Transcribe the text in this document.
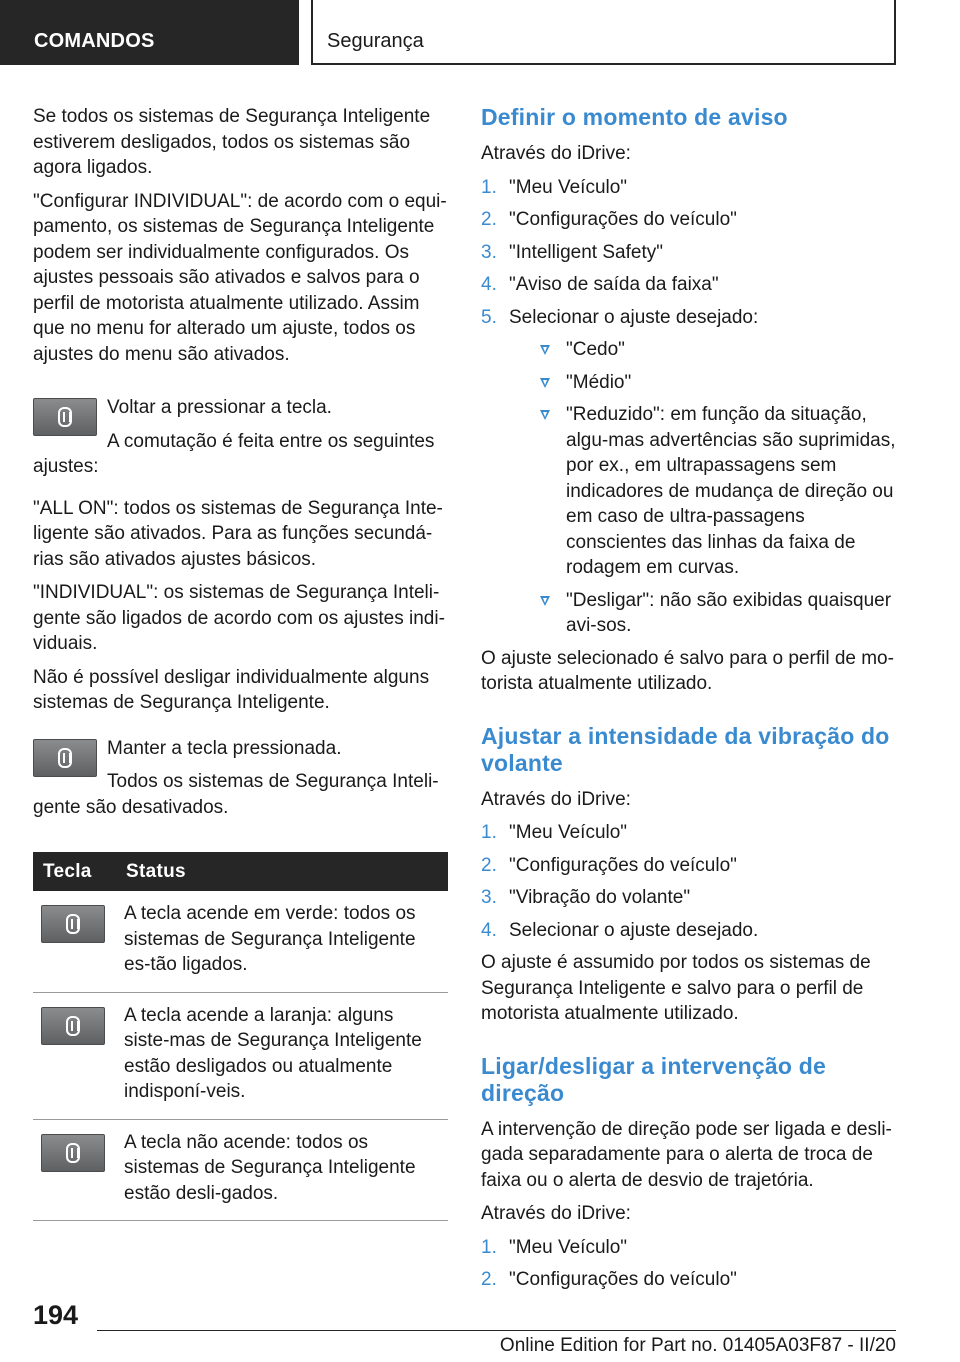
COMANDOS	Segurança
Se todos os sistemas de Segurança Inteligente estiverem desligados, todos os sistemas são agora ligados.
"Configurar INDIVIDUAL": de acordo com o equi-pamento, os sistemas de Segurança Inteligente podem ser individualmente configurados. Os ajustes pessoais são ativados e salvos para o perfil de motorista atualmente utilizado. Assim que no menu for alterado um ajuste, todos os ajustes do menu são ativados.
Voltar a pressionar a tecla.
A comutação é feita entre os seguintes ajustes:
"ALL ON": todos os sistemas de Segurança Inte-ligente são ativados. Para as funções secundá-rias são ativados ajustes básicos.
"INDIVIDUAL": os sistemas de Segurança Inteli-gente são ligados de acordo com os ajustes indi-viduais.
Não é possível desligar individualmente alguns sistemas de Segurança Inteligente.
Manter a tecla pressionada.
Todos os sistemas de Segurança Inteli-gente são desativados.
Tecla	Status

	A tecla acende em verde: todos os sistemas de Segurança Inteligente es-tão ligados.

	A tecla acende a laranja: alguns siste-mas de Segurança Inteligente estão desligados ou atualmente indisponí-veis.

	A tecla não acende: todos os sistemas de Segurança Inteligente estão desli-gados.
Definir o momento de aviso
Através do iDrive:
1. "Meu Veículo"
2. "Configurações do veículo"
3. "Intelligent Safety"
4. "Aviso de saída da faixa"
5. Selecionar o ajuste desejado:
"Cedo"
"Médio"
"Reduzido": em função da situação, algu-mas advertências são suprimidas, por ex., em ultrapassagens sem indicadores de mudança de direção ou em caso de ultra-passagens conscientes das linhas da faixa de rodagem em curvas.
"Desligar": não são exibidas quaisquer avi-sos.
O ajuste selecionado é salvo para o perfil de mo-torista atualmente utilizado.
Ajustar a intensidade da vibração do volante
Através do iDrive:
1. "Meu Veículo"
2. "Configurações do veículo"
3. "Vibração do volante"
4. Selecionar o ajuste desejado.
O ajuste é assumido por todos os sistemas de Segurança Inteligente e salvo para o perfil de motorista atualmente utilizado.
Ligar/desligar a intervenção de direção
A intervenção de direção pode ser ligada e desli-gada separadamente para o alerta de troca de faixa ou o alerta de desvio de trajetória.
Através do iDrive:
1. "Meu Veículo"
2. "Configurações do veículo"
194
Online Edition for Part no. 01405A03F87 - II/20
